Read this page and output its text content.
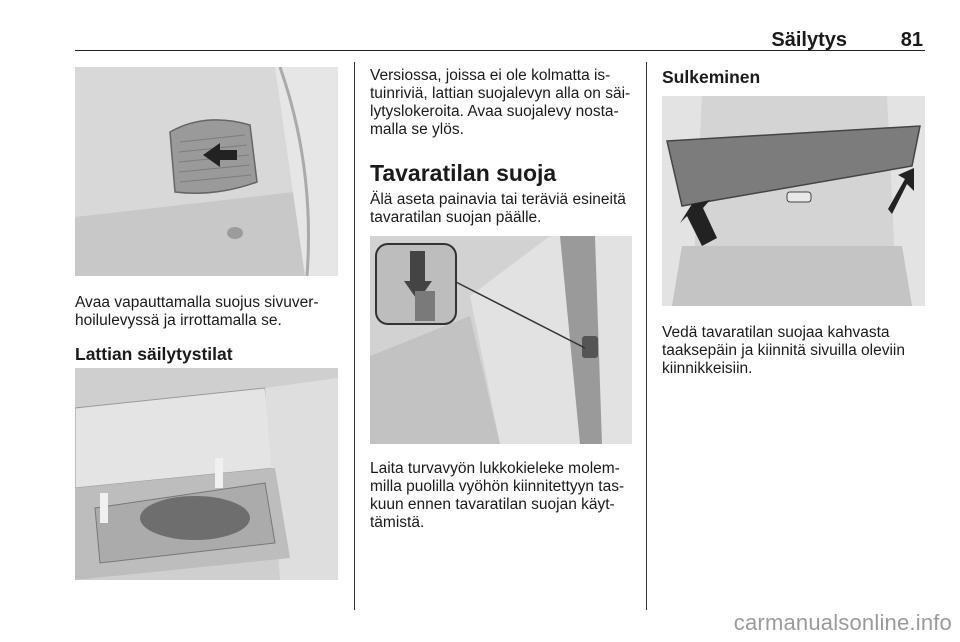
Säilytys	81
Avaa vapauttamalla suojus sivuver-
hoilulevyssä ja irrottamalla se.
Lattian säilytystilat
Versiossa, joissa ei ole kolmatta is-
tuinriviä, lattian suojalevyn alla on säi-
lytyslokeroita. Avaa suojalevy nosta-
malla se ylös.
Tavaratilan suoja
Älä aseta painavia tai teräviä esineitä
tavaratilan suojan päälle.
Laita turvavyön lukkokieleke molem-
milla puolilla vyöhön kiinnitettyyn tas-
kuun ennen tavaratilan suojan käyt-
tämistä.
Sulkeminen
Vedä tavaratilan suojaa kahvasta
taaksepäin ja kiinnitä sivuilla oleviin
kiinnikkeisiin.
carmanualsonline.info
